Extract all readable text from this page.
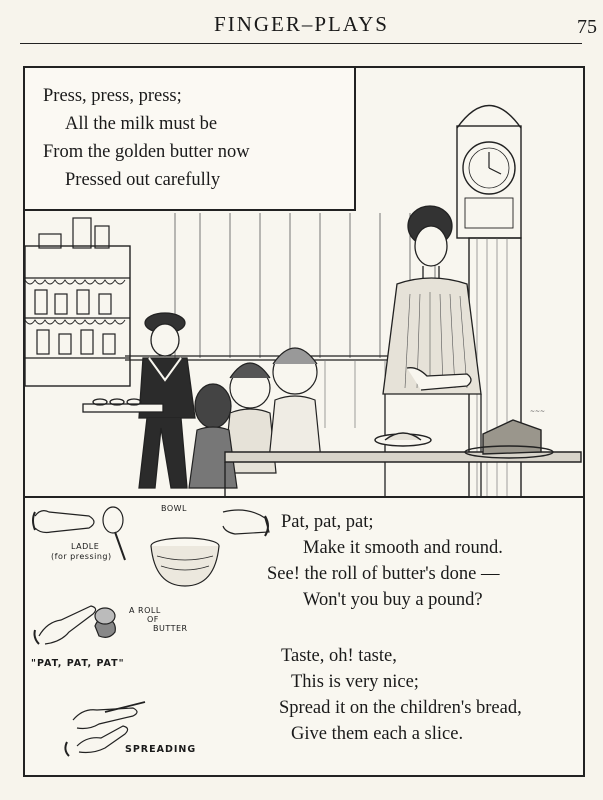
FINGER–PLAYS	75
~~~
Press, press, press;
All the milk must be
From the golden butter now
Pressed out carefully
BOWL
LADLE
(for pressing)
A ROLL
OF
BUTTER
"PAT, PAT, PAT"
SPREADING
Pat, pat, pat;
Make it smooth and round.
See! the roll of butter's done —
Won't you buy a pound?
Taste, oh! taste,
This is very nice;
Spread it on the children's bread,
Give them each a slice.
